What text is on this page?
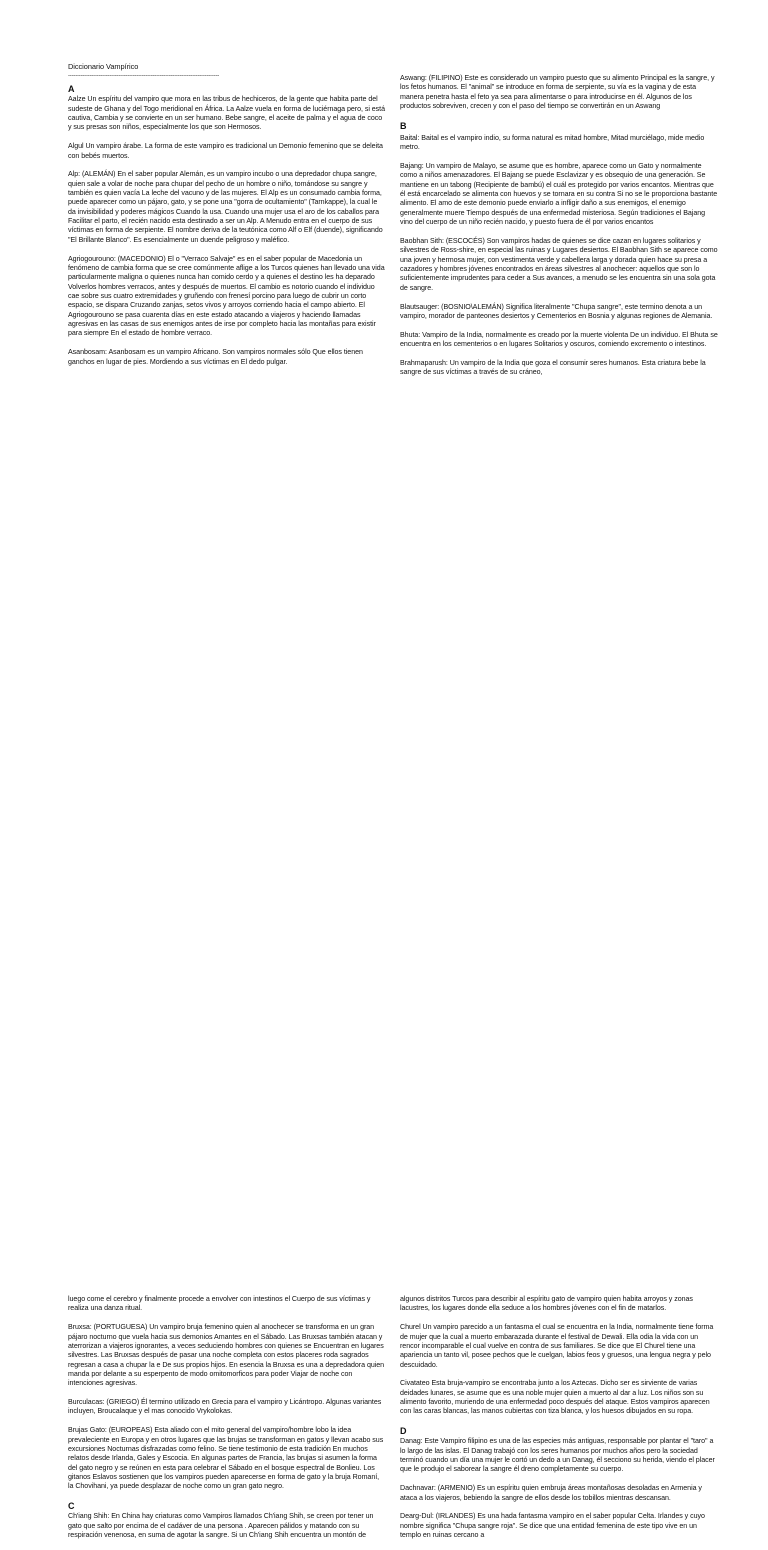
Diccionario Vampírico
------------------------------------------------------------------------------------
A
Aalze Un espíritu del vampiro que mora en las tribus de hechiceros, de la gente que habita parte del sudeste de Ghana y del Togo meridional en África. La Aalze vuela en forma de luciérnaga pero, si está cautiva, Cambia y se convierte en un ser humano. Bebe sangre, el aceite de palma y el agua de coco y sus presas son niños, especialmente los que son Hermosos.
Algul Un vampiro árabe. La forma de este vampiro es tradicional un Demonio femenino que se deleita con bebés muertos.
Alp: (ALEMÁN) En el saber popular Alemán, es un vampiro incubo o una depredador chupa sangre, quien sale a volar de noche para chupar del pecho de un hombre o niño, tomándose su sangre y también es quien vacía La leche del vacuno y de las mujeres. El Alp es un consumado cambia forma, puede aparecer como un pájaro, gato, y se pone una "gorra de ocultamiento" (Tarnkappe), la cual le da invisibilidad y poderes mágicos Cuando la usa. Cuando una mujer usa el aro de los caballos para Facilitar el parto, el recién nacido esta destinado a ser un Alp. A Menudo entra en el cuerpo de sus víctimas en forma de serpiente. El nombre deriva de la teutónica como Alf o Elf (duende), significando "El Brillante Blanco". Es esencialmente un duende peligroso y maléfico.
Agriogourouno: (MACEDONIO) El o "Verraco Salvaje" es en el saber popular de Macedonia un fenómeno de cambia forma que se cree comúnmente aflige a los Turcos quienes han llevado una vida particularmente maligna o quienes nunca han comido cerdo y a quienes el destino les ha deparado Volverlos hombres verracos, antes y después de muertos. El cambio es notorio cuando el individuo cae sobre sus cuatro extremidades y gruñendo con frenesí porcino para luego de cubrir un corto espacio, se dispara Cruzando zanjas, setos vivos y arroyos corriendo hacia el campo abierto. El Agriogourouno se pasa cuarenta días en este estado atacando a viajeros y haciendo llamadas agresivas en las casas de sus enemigos antes de irse por completo hacia las montañas para existir para siempre En el estado de hombre verraco.
Asanbosam: Asanbosam es un vampiro Africano. Son vampiros normales sólo Que ellos tienen ganchos en lugar de pies. Mordiendo a sus víctimas en El dedo pulgar.
Aswang: (FILIPINO) Este es considerado un vampiro puesto que su alimento Principal es la sangre, y los fetos humanos. El "animal" se introduce en forma de serpiente, su vía es la vagina y de esta manera penetra hasta el feto ya sea para alimentarse o para introducirse en él. Algunos de los productos sobreviven, crecen y con el paso del tiempo se convertirán en un Aswang
B
Baital: Baital es el vampiro indio, su forma natural es mitad hombre, Mitad murciélago, mide medio metro.
Bajang: Un vampiro de Malayo, se asume que es hombre, aparece como un Gato y normalmente como a niños amenazadores. El Bajang se puede Esclavizar y es obsequio de una generación. Se mantiene en un tabong (Recipiente de bambú) el cuál es protegido por varios encantos. Mientras que él está encarcelado se alimenta con huevos y se tornara en su contra Si no se le proporciona bastante alimento. El amo de este demonio puede enviarlo a infligir daño a sus enemigos, el enemigo generalmente muere Tiempo después de una enfermedad misteriosa. Según tradiciones el Bajang vino del cuerpo de un niño recién nacido, y puesto fuera de él por varios encantos
Baobhan Sith: (ESCOCÉS) Son vampiros hadas de quienes se dice cazan en lugares solitarios y silvestres de Ross-shire, en especial las ruinas y Lugares desiertos. El Baobhan Sith se aparece como una joven y hermosa mujer, con vestimenta verde y cabellera larga y dorada quien hace su presa a cazadores y hombres jóvenes encontrados en áreas silvestres al anochecer: aquellos que son lo suficientemente imprudentes para ceder a Sus avances, a menudo se les encuentra sin una sola gota de sangre.
Blautsauger: (BOSNIO\ALEMÁN) Significa literalmente "Chupa sangre", este termino denota a un vampiro, morador de panteones desiertos y Cementerios en Bosnia y algunas regiones de Alemania.
Bhuta: Vampiro de la India, normalmente es creado por la muerte violenta De un individuo. El Bhuta se encuentra en los cementerios o en lugares Solitarios y oscuros, comiendo excremento o intestinos.
Brahmaparush: Un vampiro de la India que goza el consumir seres humanos. Esta criatura bebe la sangre de sus víctimas a través de su cráneo,
luego come el cerebro y finalmente procede a envolver con intestinos el Cuerpo de sus víctimas y realiza una danza ritual.
Bruxsa: (PORTUGUESA) Un vampiro bruja femenino quien al anochecer se transforma en un gran pájaro nocturno que vuela hacia sus demonios Amantes en el Sábado. Las Bruxsas también atacan y aterrorizan a viajeros ignorantes, a veces seduciendo hombres con quienes se Encuentran en lugares silvestres. Las Bruxsas después de pasar una noche completa con estos placeres roda sagrados regresan a casa a chupar la e De sus propios hijos. En esencia la Bruxsa es una a depredadora quien manda por delante a su esperpento de modo omitomorficos para poder Viajar de noche con intenciones agresivas.
Burculacas: (GRIEGO) Él termino utilizado en Grecia para el vampiro y Licántropo. Algunas variantes incluyen, Broucalaque y el mas conocido Vrykolokas.
Brujas Gato: (EUROPEAS) Esta aliado con el mito general del vampiro/hombre lobo la idea prevaleciente en Europa y en otros lugares que las brujas se transforman en gatos y llevan acabo sus excursiones Nocturnas disfrazadas como felino. Se tiene testimonio de esta tradición En muchos relatos desde Irlanda, Gales y Escocia. En algunas partes de Francia, las brujas si asumen la forma del gato negro y se reúnen en esta para celebrar el Sábado en el bosque espectral de Bonlieu. Los gitanos Eslavos sostienen que los vampiros pueden aparecerse en forma de gato y la bruja Romaní, la Chovihani, ya puede desplazar de noche como un gran gato negro.
C
Ch'iang Shih: En China hay criaturas como Vampiros llamados Ch'iang Shih, se creen por tener un gato que salto por encima de el cadáver de una persona . Aparecen pálidos y matando con su respiración venenosa, en suma de agotar la sangre. Si un Ch'iang Shih encuentra un montón de
algunos distritos Turcos para describir al espíritu gato de vampiro quien habita arroyos y zonas lacustres, los lugares donde ella seduce a los hombres jóvenes con el fin de matarlos.
Churel Un vampiro parecido a un fantasma el cual se encuentra en la India, normalmente tiene forma de mujer que la cual a muerto embarazada durante el festival de Dewali. Ella odia la vida con un rencor incomparable el cual vuelve en contra de sus familiares. Se dice que El Churel tiene una apariencia un tanto vil, posee pechos que le cuelgan, labios feos y gruesos, una lengua negra y pelo descuidado.
Civatateo Esta bruja-vampiro se encontraba junto a los Aztecas. Dicho ser es sirviente de varias deidades lunares, se asume que es una noble mujer quien a muerto al dar a luz. Los niños son su alimento favorito, muriendo de una enfermedad poco después del ataque. Estos vampiros aparecen con las caras blancas, las manos cubiertas con tiza blanca, y los huesos dibujados en su ropa.
D
Danag: Este Vampiro filipino es una de las especies más antiguas, responsable por plantar el "taro" a lo largo de las islas. El Danag trabajó con los seres humanos por muchos años pero la sociedad terminó cuando un día una mujer le cortó un dedo a un Danag, él secciono su herida, viendo el placer que le produjo el saborear la sangre él dreno completamente su cuerpo.
Dachnavar: (ARMENIO) Es un espíritu quien embruja áreas montañosas desoladas en Armenia y ataca a los viajeros, bebiendo la sangre de ellos desde los tobillos mientras descansan.
Dearg-Dul: (IRLANDES) Es una hada fantasma vampiro en el saber popular Celta. Irlandes y cuyo nombre significa "Chupa sangre roja". Se dice que una entidad femenina de este tipo vive en un templo en ruinas cercano a
